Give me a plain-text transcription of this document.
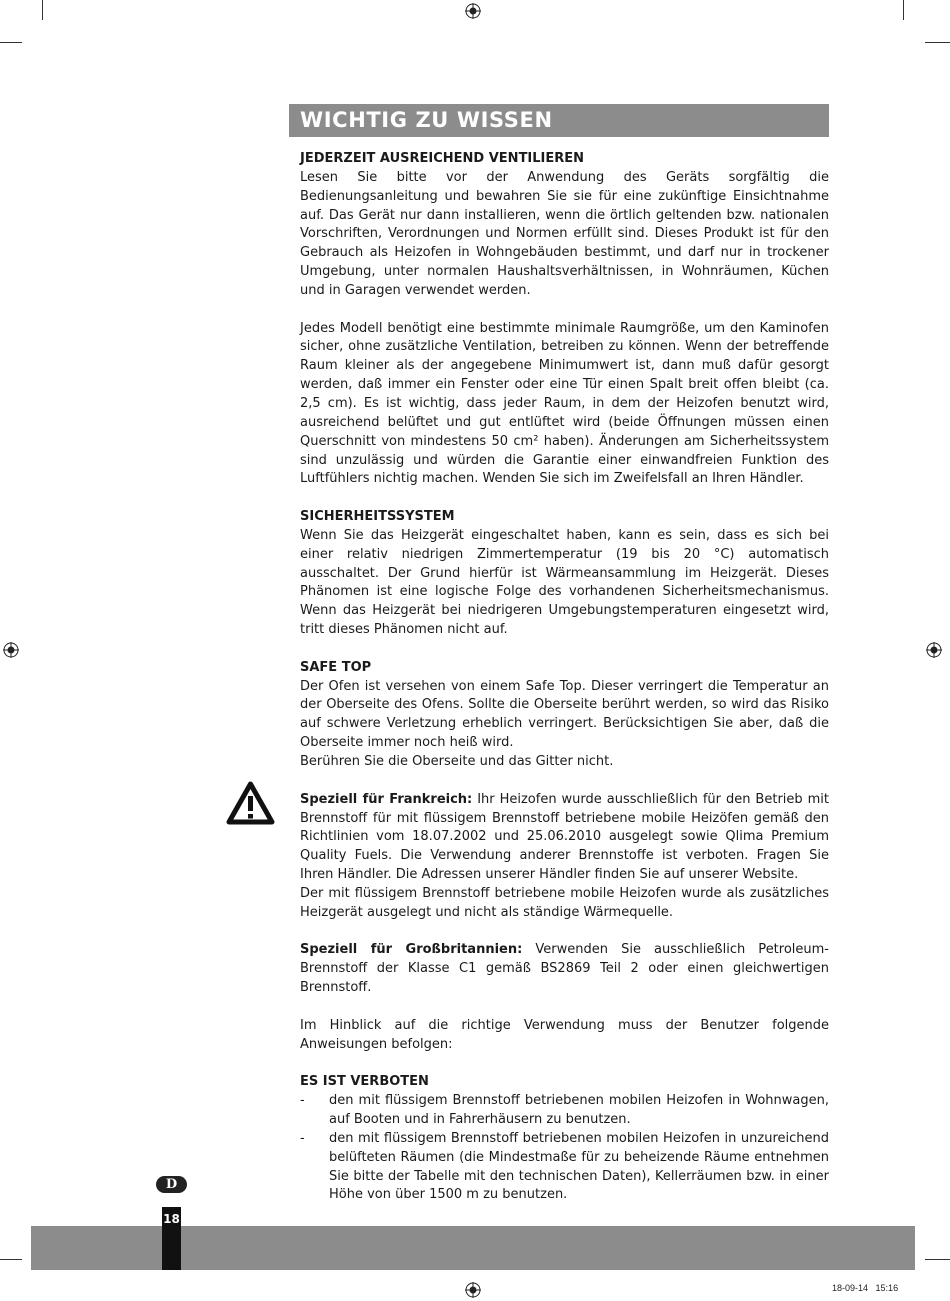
WICHTIG ZU WISSEN

JEDERZEIT AUSREICHEND VENTILIEREN

Lesen Sie bitte vor der Anwendung des Geräts sorgfältig die Bedienungsanleitung und bewahren Sie sie für eine zukünftige Einsichtnahme auf. Das Gerät nur dann installieren, wenn die örtlich geltenden bzw. nationalen Vorschriften, Verordnungen und Normen erfüllt sind. Dieses Produkt ist für den Gebrauch als Heizofen in Wohngebäuden bestimmt, und darf nur in trockener Umgebung, unter normalen Haushaltsverhältnissen, in Wohnräumen, Küchen und in Garagen verwendet werden.

Jedes Modell benötigt eine bestimmte minimale Raumgröße, um den Kaminofen sicher, ohne zusätzliche Ventilation, betreiben zu können. Wenn der betreffende Raum kleiner als der angegebene Minimumwert ist, dann muß dafür gesorgt werden, daß immer ein Fenster oder eine Tür einen Spalt breit offen bleibt (ca. 2,5 cm). Es ist wichtig, dass jeder Raum, in dem der Heizofen benutzt wird, ausreichend belüftet und gut entlüftet wird (beide Öffnungen müssen einen Querschnitt von mindestens 50 cm² haben). Änderungen am Sicherheitssystem sind unzulässig und würden die Garantie einer einwandfreien Funktion des Luftfühlers nichtig machen. Wenden Sie sich im Zweifelsfall an Ihren Händler.

SICHERHEITSSYSTEM

Wenn Sie das Heizgerät eingeschaltet haben, kann es sein, dass es sich bei einer relativ niedrigen Zimmertemperatur (19 bis 20 °C) automatisch ausschaltet. Der Grund hierfür ist Wärmeansammlung im Heizgerät. Dieses Phänomen ist eine logische Folge des vorhandenen Sicherheitsmechanismus. Wenn das Heizgerät bei niedrigeren Umgebungstemperaturen eingesetzt wird, tritt dieses Phänomen nicht auf.

SAFE TOP

Der Ofen ist versehen von einem Safe Top. Dieser verringert die Temperatur an der Oberseite des Ofens. Sollte die Oberseite berührt werden, so wird das Risiko auf schwere Verletzung erheblich verringert. Berücksichtigen Sie aber, daß die Oberseite immer noch heiß wird.

Berühren Sie die Oberseite und das Gitter nicht.

Speziell für Frankreich: Ihr Heizofen wurde ausschließlich für den Betrieb mit Brennstoff für mit flüssigem Brennstoff betriebene mobile Heizöfen gemäß den Richtlinien vom 18.07.2002 und 25.06.2010 ausgelegt sowie Qlima Premium Quality Fuels. Die Verwendung anderer Brennstoffe ist verboten. Fragen Sie Ihren Händler. Die Adressen unserer Händler finden Sie auf unserer Website.

Der mit flüssigem Brennstoff betriebene mobile Heizofen wurde als zusätzliches Heizgerät ausgelegt und nicht als ständige Wärmequelle.

Speziell für Großbritannien: Verwenden Sie ausschließlich Petroleum-Brennstoff der Klasse C1 gemäß BS2869 Teil 2 oder einen gleichwertigen Brennstoff.

Im Hinblick auf die richtige Verwendung muss der Benutzer folgende Anweisungen befolgen:

ES IST VERBOTEN

- den mit flüssigem Brennstoff betriebenen mobilen Heizofen in Wohnwagen, auf Booten und in Fahrerhäusern zu benutzen.
- den mit flüssigem Brennstoff betriebenen mobilen Heizofen in unzureichend belüfteten Räumen (die Mindestmaße für zu beheizende Räume entnehmen Sie bitte der Tabelle mit den technischen Daten), Kellerräumen bzw. in einer Höhe von über 1500 m zu benutzen.
D
18
18-09-14 15:16
